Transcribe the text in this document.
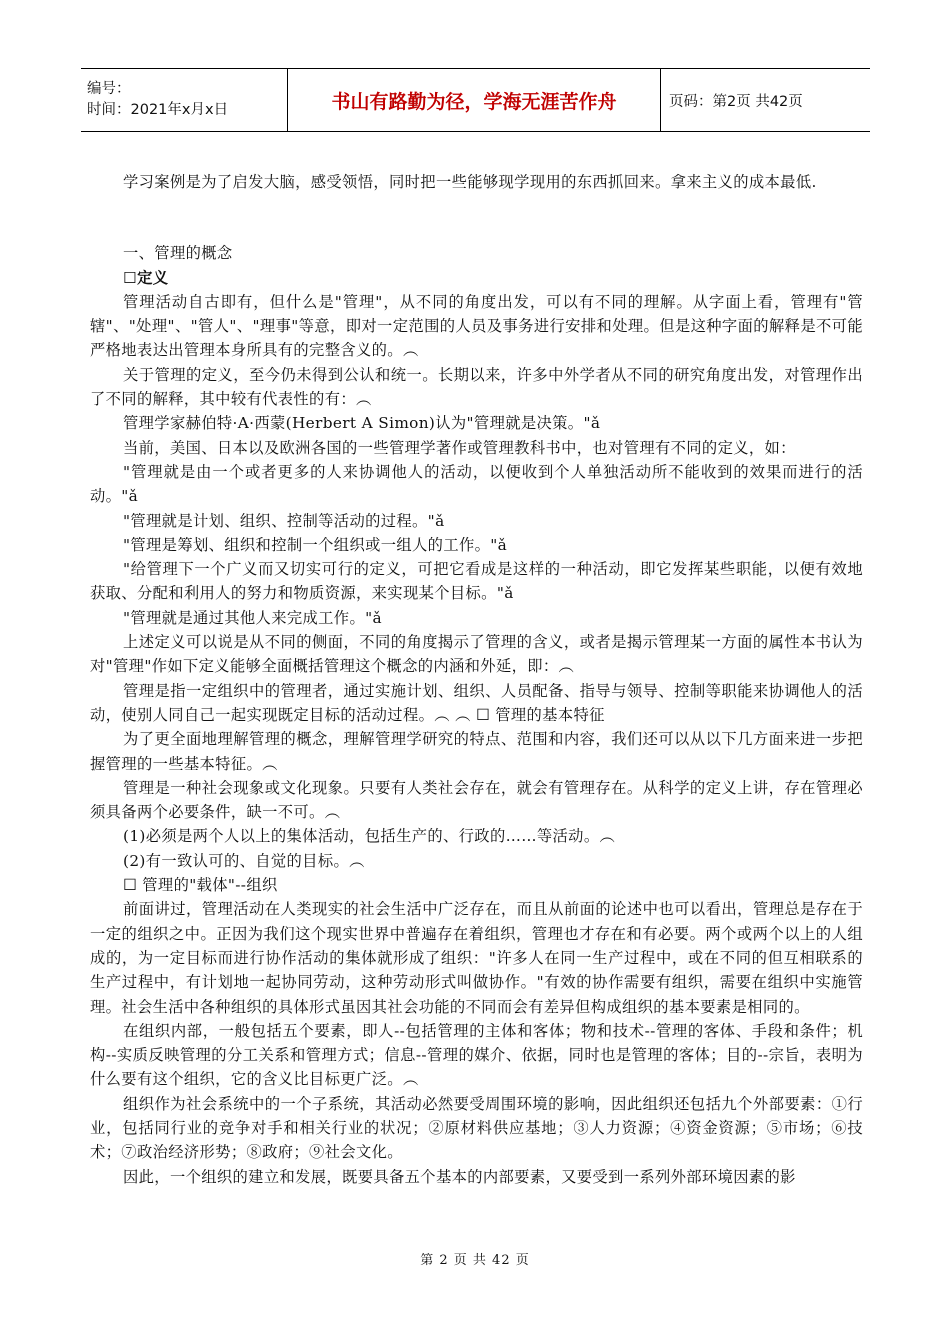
编号：
时间：2021年x月x日	书山有路勤为径，学海无涯苦作舟	页码：第2页 共42页

学习案例是为了启发大脑，感受领悟，同时把一些能够现学现用的东西抓回来。拿来主义的成本最低.

一、管理的概念

☐定义

管理活动自古即有，但什么是"管理"，从不同的角度出发，可以有不同的理解。从字面上看，管理有"管辖"、"处理"、"管人"、"理事"等意，即对一定范围的人员及事务进行安排和处理。但是这种字面的解释是不可能严格地表达出管理本身所具有的完整含义的。︵

关于管理的定义，至今仍未得到公认和统一。长期以来，许多中外学者从不同的研究角度出发，对管理作出了不同的解释，其中较有代表性的有：︵

管理学家赫伯特·A·西蒙(Herbert A Simon)认为"管理就是决策。"ǎ

当前，美国、日本以及欧洲各国的一些管理学著作或管理教科书中，也对管理有不同的定义，如：

"管理就是由一个或者更多的人来协调他人的活动，以便收到个人单独活动所不能收到的效果而进行的活动。"ǎ

"管理就是计划、组织、控制等活动的过程。"ǎ

"管理是筹划、组织和控制一个组织或一组人的工作。"ǎ

"给管理下一个广义而又切实可行的定义，可把它看成是这样的一种活动，即它发挥某些职能，以便有效地获取、分配和利用人的努力和物质资源，来实现某个目标。"ǎ

"管理就是通过其他人来完成工作。"ǎ

上述定义可以说是从不同的侧面，不同的角度揭示了管理的含义，或者是揭示管理某一方面的属性本书认为对"管理"作如下定义能够全面概括管理这个概念的内涵和外延，即：︵

管理是指一定组织中的管理者，通过实施计划、组织、人员配备、指导与领导、控制等职能来协调他人的活动，使别人同自己一起实现既定目标的活动过程。︵ ︵ ☐ 管理的基本特征

为了更全面地理解管理的概念，理解管理学研究的特点、范围和内容，我们还可以从以下几方面来进一步把握管理的一些基本特征。︵

管理是一种社会现象或文化现象。只要有人类社会存在，就会有管理存在。从科学的定义上讲，存在管理必须具备两个必要条件，缺一不可。︵

(1)必须是两个人以上的集体活动，包括生产的、行政的……等活动。︵

(2)有一致认可的、自觉的目标。︵

☐ 管理的"载体"--组织

前面讲过，管理活动在人类现实的社会生活中广泛存在，而且从前面的论述中也可以看出，管理总是存在于一定的组织之中。正因为我们这个现实世界中普遍存在着组织，管理也才存在和有必要。两个或两个以上的人组成的，为一定目标而进行协作活动的集体就形成了组织："许多人在同一生产过程中，或在不同的但互相联系的生产过程中，有计划地一起协同劳动，这种劳动形式叫做协作。"有效的协作需要有组织，需要在组织中实施管理。社会生活中各种组织的具体形式虽因其社会功能的不同而会有差异但构成组织的基本要素是相同的。

在组织内部，一般包括五个要素，即人--包括管理的主体和客体；物和技术--管理的客体、手段和条件；机构--实质反映管理的分工关系和管理方式；信息--管理的媒介、依据，同时也是管理的客体；目的--宗旨，表明为什么要有这个组织，它的含义比目标更广泛。︵

组织作为社会系统中的一个子系统，其活动必然要受周围环境的影响，因此组织还包括九个外部要素：①行业，包括同行业的竞争对手和相关行业的状况；②原材料供应基地；③人力资源；④资金资源；⑤市场；⑥技术；⑦政治经济形势；⑧政府；⑨社会文化。

因此，一个组织的建立和发展，既要具备五个基本的内部要素，又要受到一系列外部环境因素的影

第 2 页 共 42 页
